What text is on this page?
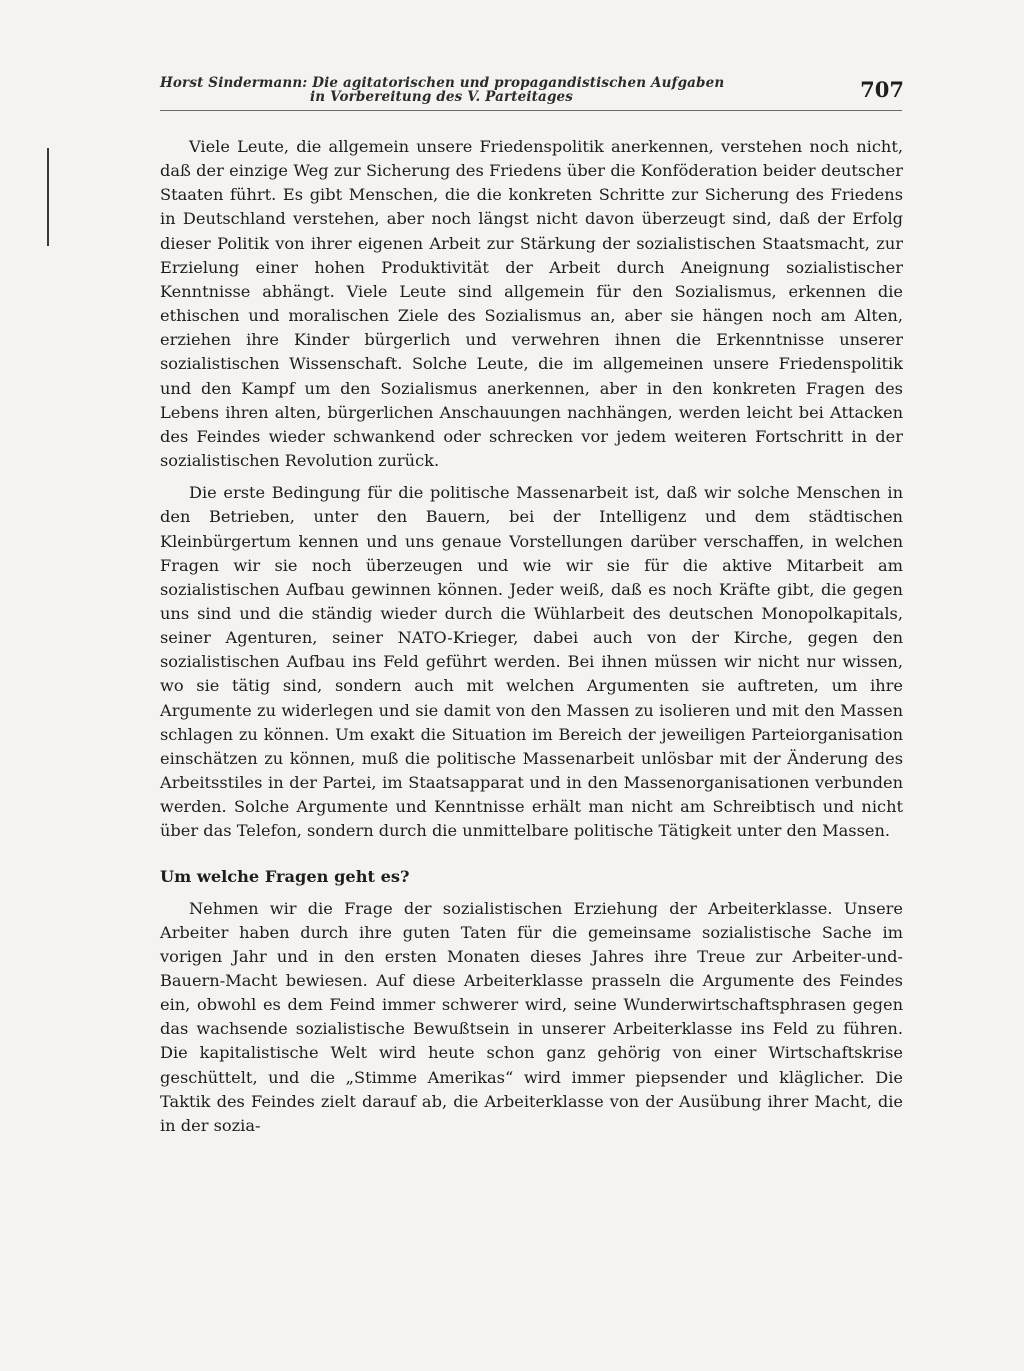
Horst Sindermann: Die agitatorischen und propagandistischen Aufgaben
in Vorbereitung des V. Parteitages	707

Viele Leute, die allgemein unsere Friedenspolitik anerkennen, verstehen noch nicht, daß der einzige Weg zur Sicherung des Friedens über die Konföderation beider deutscher Staaten führt. Es gibt Menschen, die die konkreten Schritte zur Sicherung des Friedens in Deutschland verstehen, aber noch längst nicht davon überzeugt sind, daß der Erfolg dieser Politik von ihrer eigenen Arbeit zur Stärkung der sozialistischen Staatsmacht, zur Erzielung einer hohen Produktivität der Arbeit durch Aneignung sozialistischer Kenntnisse abhängt. Viele Leute sind allgemein für den Sozialismus, erkennen die ethischen und moralischen Ziele des Sozialismus an, aber sie hängen noch am Alten, erziehen ihre Kinder bürgerlich und verwehren ihnen die Erkenntnisse unserer sozialistischen Wissenschaft. Solche Leute, die im allgemeinen unsere Friedenspolitik und den Kampf um den Sozialismus anerkennen, aber in den konkreten Fragen des Lebens ihren alten, bürgerlichen Anschauungen nachhängen, werden leicht bei Attacken des Feindes wieder schwankend oder schrecken vor jedem weiteren Fortschritt in der sozialistischen Revolution zurück.

Die erste Bedingung für die politische Massenarbeit ist, daß wir solche Menschen in den Betrieben, unter den Bauern, bei der Intelligenz und dem städtischen Kleinbürgertum kennen und uns genaue Vorstellungen darüber verschaffen, in welchen Fragen wir sie noch überzeugen und wie wir sie für die aktive Mitarbeit am sozialistischen Aufbau gewinnen können. Jeder weiß, daß es noch Kräfte gibt, die gegen uns sind und die ständig wieder durch die Wühlarbeit des deutschen Monopolkapitals, seiner Agenturen, seiner NATO-Krieger, dabei auch von der Kirche, gegen den sozialistischen Aufbau ins Feld geführt werden. Bei ihnen müssen wir nicht nur wissen, wo sie tätig sind, sondern auch mit welchen Argumenten sie auftreten, um ihre Argumente zu widerlegen und sie damit von den Massen zu isolieren und mit den Massen schlagen zu können. Um exakt die Situation im Bereich der jeweiligen Parteiorganisation einschätzen zu können, muß die politische Massenarbeit unlösbar mit der Änderung des Arbeitsstiles in der Partei, im Staatsapparat und in den Massenorganisationen verbunden werden. Solche Argumente und Kenntnisse erhält man nicht am Schreibtisch und nicht über das Telefon, sondern durch die unmittelbare politische Tätigkeit unter den Massen.

Um welche Fragen geht es?

Nehmen wir die Frage der sozialistischen Erziehung der Arbeiterklasse. Unsere Arbeiter haben durch ihre guten Taten für die gemeinsame sozialistische Sache im vorigen Jahr und in den ersten Monaten dieses Jahres ihre Treue zur Arbeiter-und-Bauern-Macht bewiesen. Auf diese Arbeiterklasse prasseln die Argumente des Feindes ein, obwohl es dem Feind immer schwerer wird, seine Wunderwirtschaftsphrasen gegen das wachsende sozialistische Bewußtsein in unserer Arbeiterklasse ins Feld zu führen. Die kapitalistische Welt wird heute schon ganz gehörig von einer Wirtschaftskrise geschüttelt, und die „Stimme Amerikas“ wird immer piepsender und kläglicher. Die Taktik des Feindes zielt darauf ab, die Arbeiterklasse von der Ausübung ihrer Macht, die in der sozia-
